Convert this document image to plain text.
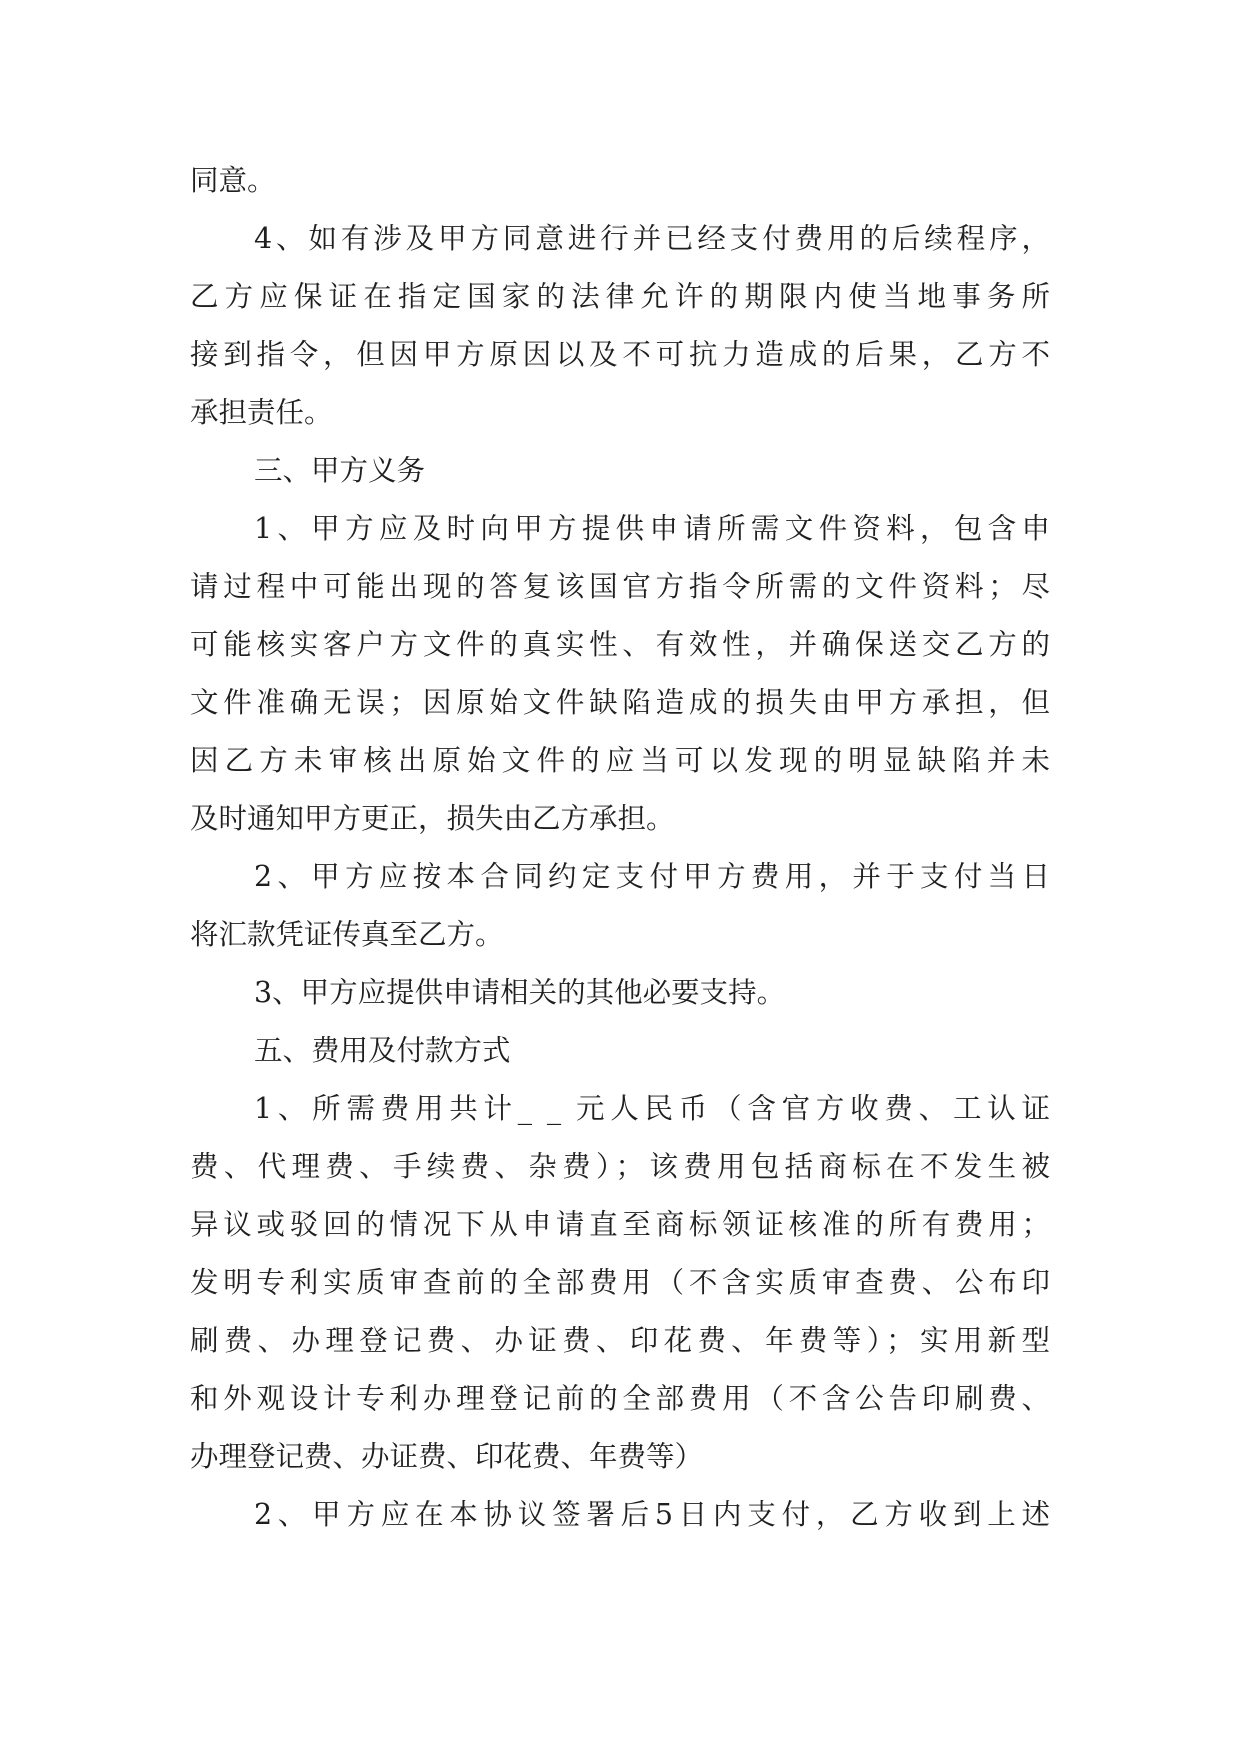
同意。
4、如有涉及甲方同意进行并已经支付费用的后续程序，
乙方应保证在指定国家的法律允许的期限内使当地事务所
接到指令，但因甲方原因以及不可抗力造成的后果，乙方不
承担责任。
三、甲方义务
1、甲方应及时向甲方提供申请所需文件资料，包含申
请过程中可能出现的答复该国官方指令所需的文件资料；尽
可能核实客户方文件的真实性、有效性，并确保送交乙方的
文件准确无误；因原始文件缺陷造成的损失由甲方承担，但
因乙方未审核出原始文件的应当可以发现的明显缺陷并未
及时通知甲方更正，损失由乙方承担。
2、甲方应按本合同约定支付甲方费用，并于支付当日
将汇款凭证传真至乙方。
3、甲方应提供申请相关的其他必要支持。
五、费用及付款方式
1、所需费用共计_ _ 元人民币（含官方收费、工认证
费、代理费、手续费、杂费）；该费用包括商标在不发生被
异议或驳回的情况下从申请直至商标领证核准的所有费用；
发明专利实质审查前的全部费用（不含实质审查费、公布印
刷费、办理登记费、办证费、印花费、年费等）；实用新型
和外观设计专利办理登记前的全部费用（不含公告印刷费、
办理登记费、办证费、印花费、年费等）
2、甲方应在本协议签署后5日内支付，乙方收到上述
